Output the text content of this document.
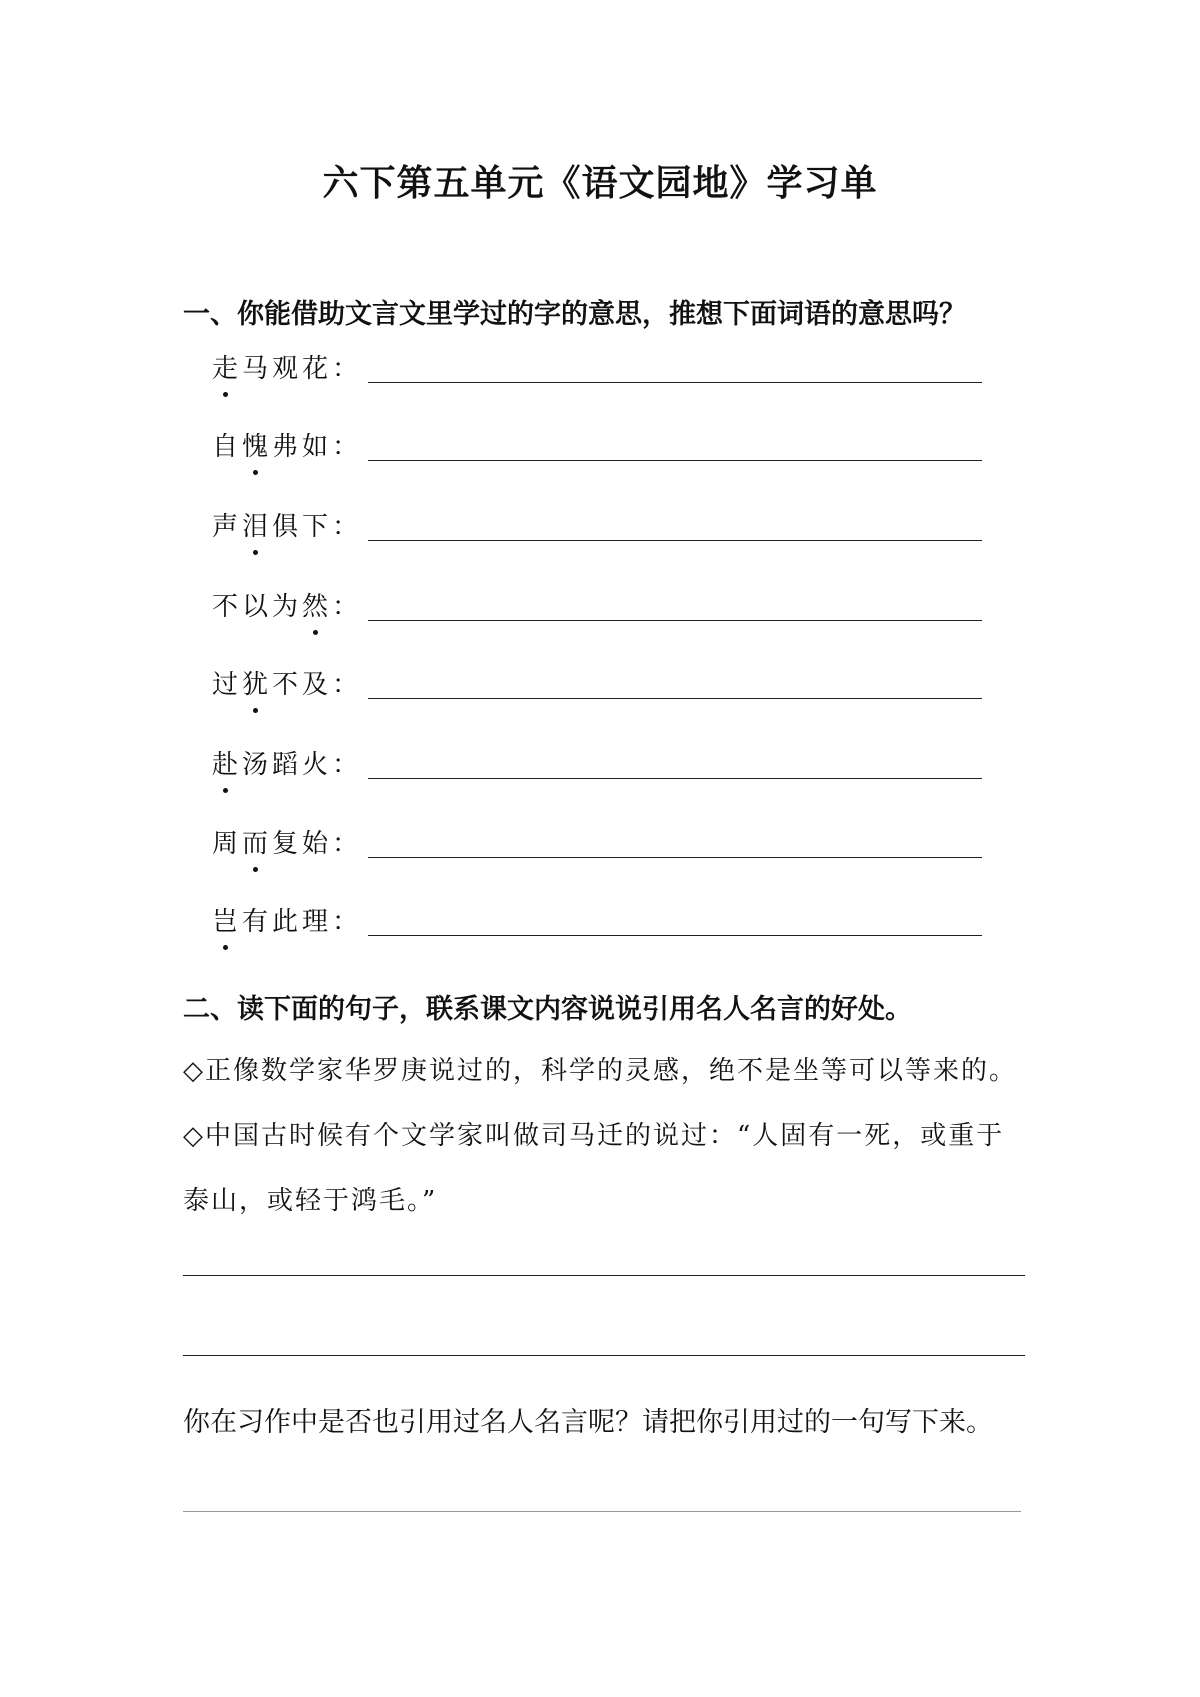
六下第五单元《语文园地》学习单
一、你能借助文言文里学过的字的意思，推想下面词语的意思吗？
走马观花：
自愧弗如：
声泪俱下：
不以为然：
过犹不及：
赴汤蹈火：
周而复始：
岂有此理：
二、读下面的句子，联系课文内容说说引用名人名言的好处。
◇正像数学家华罗庚说过的，科学的灵感，绝不是坐等可以等来的。
◇中国古时候有个文学家叫做司马迁的说过：“人固有一死，或重于
泰山，或轻于鸿毛。”
你在习作中是否也引用过名人名言呢？请把你引用过的一句写下来。
